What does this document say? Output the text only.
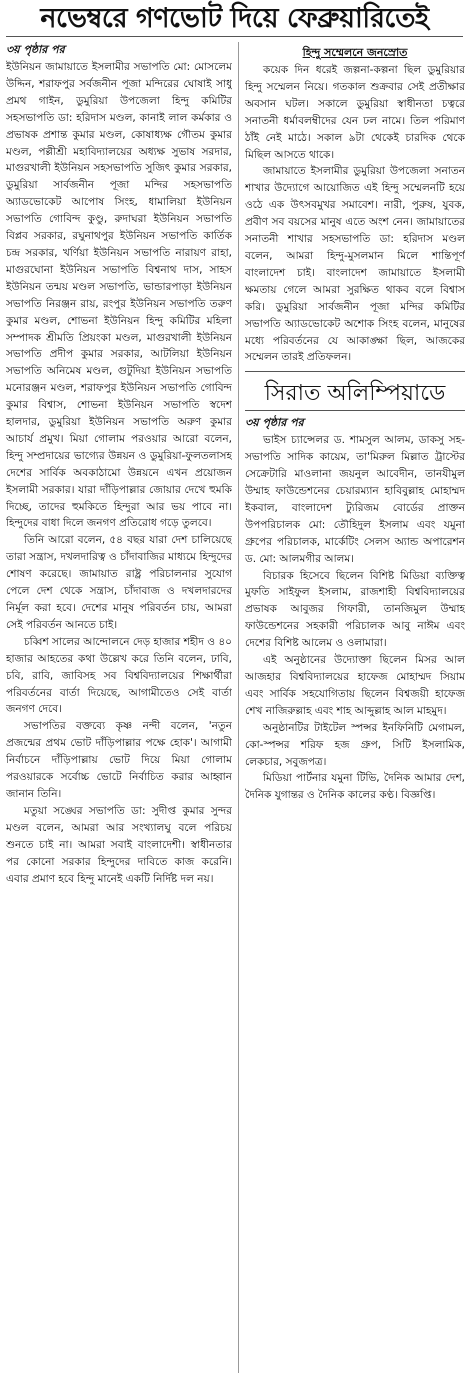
নভেম্বরে গণভোট দিয়ে ফেব্রুয়ারিতেই
৩য় পৃষ্ঠার পর

ইউনিয়ন জামায়াতে ইসলামীর সভাপতি মো: মোসলেম উদ্দিন, শরাফপুর সর্বজনীন পূজা মন্দিরের ঘোষাই সাধু প্রমথ গাইন, ডুমুরিয়া উপজেলা হিন্দু কমিটির সহসভাপতি ডা: হরিদাস মণ্ডল, কানাই লাল কর্মকার ও প্রভাষক প্রশান্ত কুমার মণ্ডল, কোষাধ্যক্ষ গৌতম কুমার মণ্ডল, পল্লীশ্রী মহাবিদ্যালয়ের অধ্যক্ষ সুভাষ সরদার, মাগুরখালী ইউনিয়ন সহসভাপতি সুজিৎ কুমার সরকার, ডুমুরিয়া সার্বজনীন পূজা মন্দির সহসভাপতি অ্যাডভোকেট আপোষ সিংহ, ধামালিয়া ইউনিয়ন সভাপতি গোবিন্দ কুণ্ডু, রুদাঘরা ইউনিয়ন সভাপতি বিপ্লব সরকার, রঘুনাথপুর ইউনিয়ন সভাপতি কার্তিক চন্দ্র সরকার, খর্ণিয়া ইউনিয়ন সভাপতি নারায়ণ রাহা, মাগুরঘোনা ইউনিয়ন সভাপতি বিশ্বনাথ দাস, সাহস ইউনিয়ন তন্ময় মণ্ডল সভাপতি, ভান্ডারপাড়া ইউনিয়ন সভাপতি নিরঞ্জন রায়, রংপুর ইউনিয়ন সভাপতি তরুণ কুমার মণ্ডল, শোভনা ইউনিয়ন হিন্দু কমিটির মহিলা সম্পাদক শ্রীমতি প্রিয়ংকা মণ্ডল, মাগুরখালী ইউনিয়ন সভাপতি প্রদীপ কুমার সরকার, আটলিয়া ইউনিয়ন সভাপতি অনিমেষ মণ্ডল, গুটুদিয়া ইউনিয়ন সভাপতি মনোরঞ্জন মণ্ডল, শরাফপুর ইউনিয়ন সভাপতি গোবিন্দ কুমার বিশ্বাস, শোভনা ইউনিয়ন সভাপতি স্বদেশ হালদার, ডুমুরিয়া ইউনিয়ন সভাপতি অরুণ কুমার আচার্য প্রমুখ। মিয়া গোলাম পরওয়ার আরো বলেন, হিন্দু সম্প্রদায়ের ভাগ্যের উন্নয়ন ও ডুমুরিয়া-ফুলতলাসহ দেশের সার্বিক অবকাঠামো উন্নয়নে এখন প্রয়োজন ইসলামী সরকার। যারা দাঁড়িপাল্লার জোয়ার দেখে হুমকি দিচ্ছে, তাদের হুমকিতে হিন্দুরা আর ভয় পাবে না। হিন্দুদের বাধা দিলে জনগণ প্রতিরোধ গড়ে তুলবে।

তিনি আরো বলেন, ৫৪ বছর যারা দেশ চালিয়েছে তারা সন্ত্রাস, দখলদারিত্ব ও চাঁদাবাজির মাধ্যমে হিন্দুদের শোষণ করেছে। জামায়াত রাষ্ট্র পরিচালনার সুযোগ পেলে দেশ থেকে সন্ত্রাস, চাঁদাবাজ ও দখলদারদের নির্মূল করা হবে। দেশের মানুষ পরিবর্তন চায়, আমরা সেই পরিবর্তন আনতে চাই।

চব্বিশ সালের আন্দোলনে দেড় হাজার শহীদ ও ৪০ হাজার আহতের কথা উল্লেখ করে তিনি বলেন, ঢাবি, চবি, রাবি, জাবিসহ সব বিশ্ববিদ্যালয়ের শিক্ষার্থীরা পরিবর্তনের বার্তা দিয়েছে, আগামীতেও সেই বার্তা জনগণ দেবে।

সভাপতির বক্তব্যে কৃষ্ণ নন্দী বলেন, 'নতুন প্রজন্মের প্রথম ভোট দাঁড়িপাল্লার পক্ষে হোক'। আগামী নির্বাচনে দাঁড়িপাল্লায় ভোট দিয়ে মিয়া গোলাম পরওয়ারকে সর্বোচ্চ ভোটে নির্বাচিত করার আহ্বান জানান তিনি।

মতুয়া সঙ্ঘের সভাপতি ডা: সুদীপ্ত কুমার সুন্দর মণ্ডল বলেন, আমরা আর সংখ্যালঘু বলে পরিচয় শুনতে চাই না। আমরা সবাই বাংলাদেশী। স্বাধীনতার পর কোনো সরকার হিন্দুদের দাবিতে কাজ করেনি। এবার প্রমাণ হবে হিন্দু মানেই একটি নির্দিষ্ট দল নয়।

হিন্দু সম্মেলনে জনস্রোত

কয়েক দিন ধরেই জল্পনা-কল্পনা ছিল ডুমুরিয়ার হিন্দু সম্মেলন নিয়ে। গতকাল শুক্রবার সেই প্রতীক্ষার অবসান ঘটল। সকালে ডুমুরিয়া স্বাধীনতা চত্বরে সনাতনী ধর্মাবলম্বীদের যেন ঢল নামে। তিল পরিমাণ ঠাঁই নেই মাঠে। সকাল ৯টা থেকেই চারদিক থেকে মিছিল আসতে থাকে।

জামায়াতে ইসলামীর ডুমুরিয়া উপজেলা সনাতন শাখার উদ্যোগে আয়োজিত এই হিন্দু সম্মেলনটি হয়ে ওঠে এক উৎসবমুখর সমাবেশ। নারী, পুরুষ, যুবক, প্রবীণ সব বয়সের মানুষ এতে অংশ নেন। জামায়াতের সনাতনী শাখার সহসভাপতি ডা: হরিদাস মণ্ডল বলেন, আমরা হিন্দু-মুসলমান মিলে শান্তিপূর্ণ বাংলাদেশ চাই। বাংলাদেশ জামায়াতে ইসলামী ক্ষমতায় গেলে আমরা সুরক্ষিত থাকব বলে বিশ্বাস করি। ডুমুরিয়া সার্বজনীন পূজা মন্দির কমিটির সভাপতি অ্যাডভোকেট অশোক সিংহ বলেন, মানুষের মধ্যে পরিবর্তনের যে আকাঙ্ক্ষা ছিল, আজকের সম্মেলন তারই প্রতিফলন।

সিরাত অলিম্পিয়াডে
৩য় পৃষ্ঠার পর

ভাইস চ্যান্সেলর ড. শামসুল আলম, ডাকসু সহ-সভাপতি সাদিক কায়েম, তা'মিরুল মিল্লাত ট্রাস্টের সেক্রেটারি মাওলানা জয়নুল আবেদীন, তানযীমুল উম্মাহ ফাউন্ডেশনের চেয়ারম্যান হাবিবুল্লাহ মোহাম্মদ ইকবাল, বাংলাদেশ ট্যুরিজম বোর্ডের প্রাক্তন উপপরিচালক মো: তৌহিদুল ইসলাম এবং যমুনা গ্রুপের পরিচালক, মার্কেটিং সেলস অ্যান্ড অপারেশন ড. মো: আলমগীর আলম।

বিচারক হিসেবে ছিলেন বিশিষ্ট মিডিয়া ব্যক্তিত্ব মুফতি সাইফুল ইসলাম, রাজশাহী বিশ্ববিদ্যালয়ের প্রভাষক আবুজর গিফারী, তানজিমুল উম্মাহ ফাউন্ডেশনের সহকারী পরিচালক আবু নাঈম এবং দেশের বিশিষ্ট আলেম ও ওলামারা।

এই অনুষ্ঠানের উদ্যোক্তা ছিলেন মিসর আল আজহার বিশ্ববিদ্যালয়ের হাফেজ মোহাম্মদ সিয়াম এবং সার্বিক সহযোগিতায় ছিলেন বিশ্বজয়ী হাফেজ শেখ নাজিরুল্লাহ এবং শাহ আব্দুল্লাহ আল মাহমুদ।

অনুষ্ঠানটির টাইটেল স্পন্সর ইনফিনিটি মেগামল, কো-স্পন্সর শরিফ হজ গ্রুপ, সিটি ইসলামিক, লেকচার, সবুজপত্র।

মিডিয়া পার্টনার যমুনা টিভি, দৈনিক আমার দেশ, দৈনিক যুগান্তর ও দৈনিক কালের কণ্ঠ। বিজ্ঞপ্তি।
